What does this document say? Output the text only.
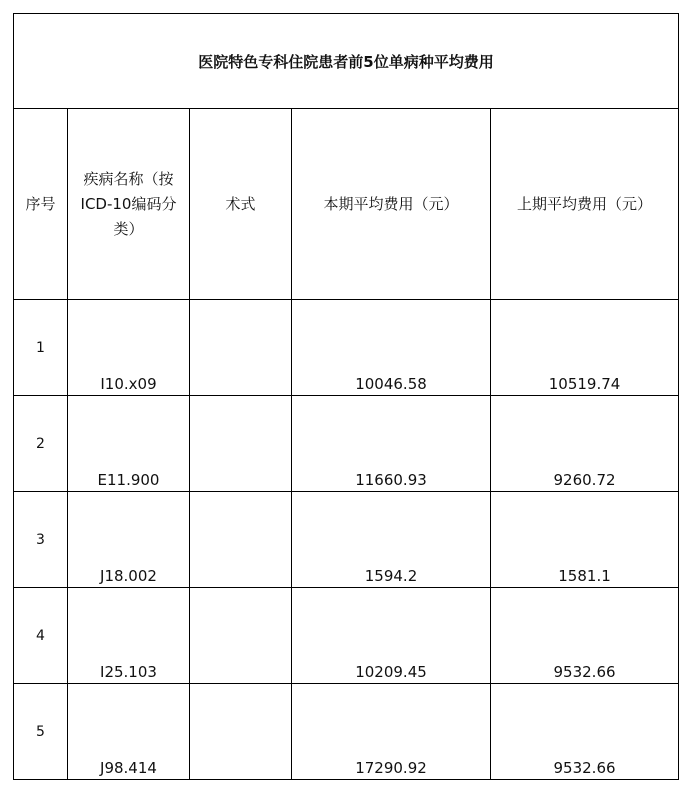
医院特色专科住院患者前5位单病种平均费用				
序号	疾病名称（按ICD-10编码分类）	术式	本期平均费用（元）	上期平均费用（元）
1	I10.x09		10046.58	10519.74
2	E11.900		11660.93	9260.72
3	J18.002		1594.2	1581.1
4	I25.103		10209.45	9532.66
5	J98.414		17290.92	9532.66
